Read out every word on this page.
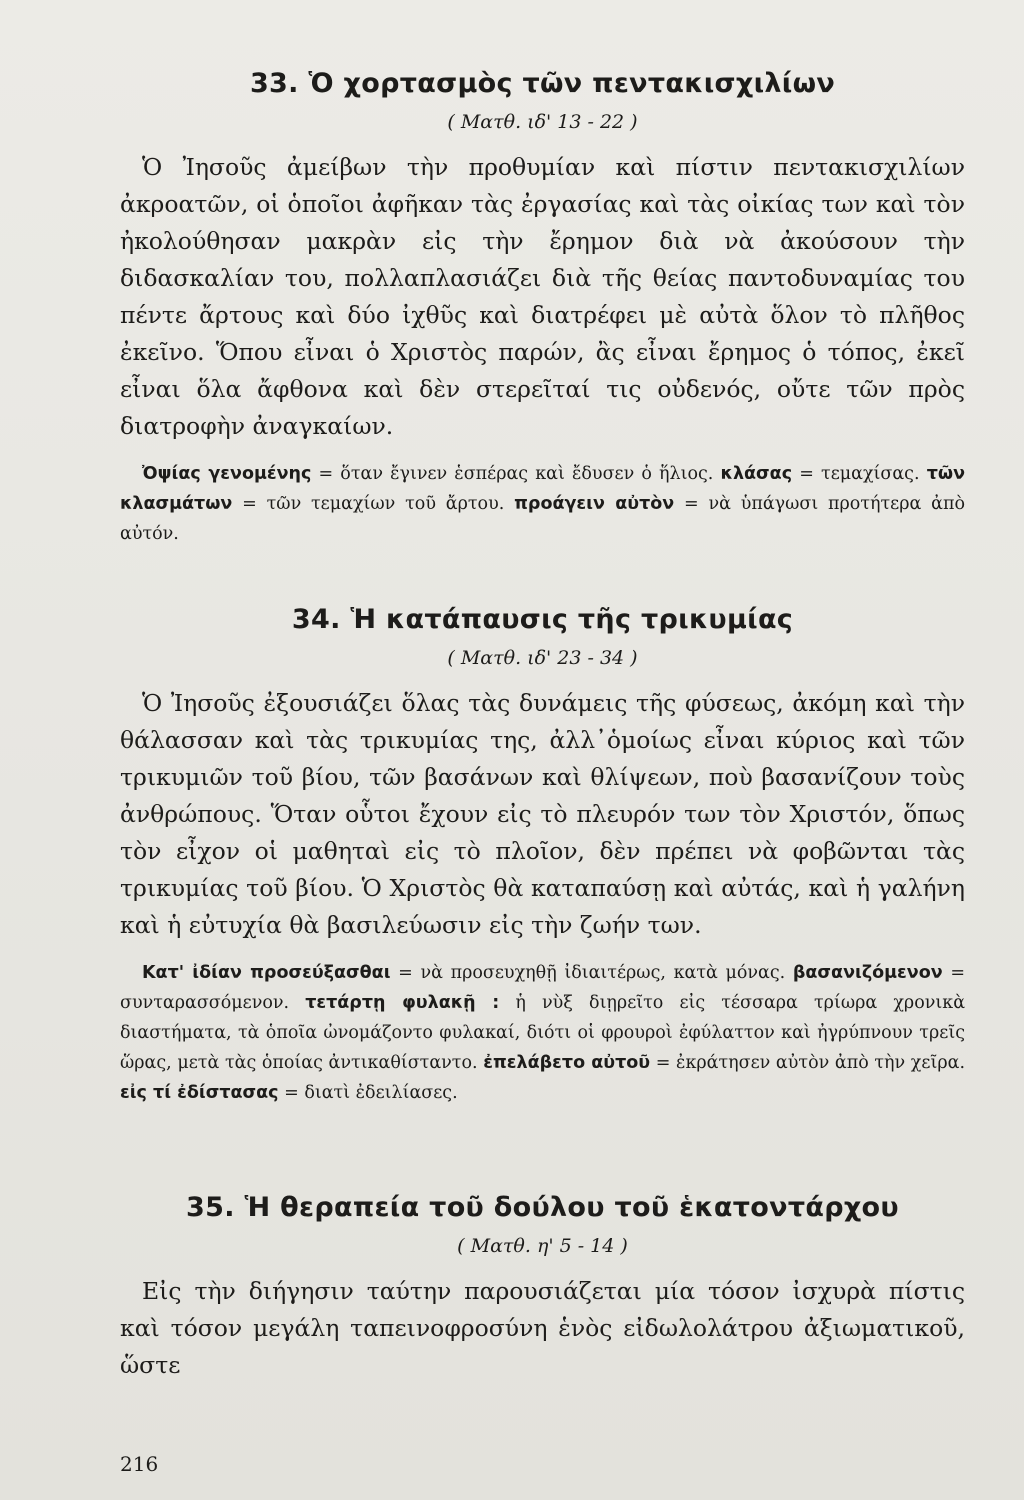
33. Ὁ χορτασμὸς τῶν πεντακισχιλίων
( Ματθ. ιδ' 13 - 22 )

Ὁ Ἰησοῦς ἀμείβων τὴν προθυμίαν καὶ πίστιν πεντακισχιλίων ἀκροατῶν, οἱ ὁποῖοι ἀφῆκαν τὰς ἐργασίας καὶ τὰς οἰκίας των καὶ τὸν ἠκολούθησαν μακρὰν εἰς τὴν ἔρημον διὰ νὰ ἀκούσουν τὴν διδασκαλίαν του, πολλαπλασιάζει διὰ τῆς θείας παντοδυναμίας του πέντε ἄρτους καὶ δύο ἰχθῦς καὶ διατρέφει μὲ αὐτὰ ὅλον τὸ πλῆθος ἐκεῖνο. Ὅπου εἶναι ὁ Χριστὸς παρών, ἂς εἶναι ἔρημος ὁ τόπος, ἐκεῖ εἶναι ὅλα ἄφθονα καὶ δὲν στερεῖταί τις οὐδενός, οὔτε τῶν πρὸς διατροφὴν ἀναγκαίων.

Ὀψίας γενομένης = ὅταν ἔγινεν ἑσπέρας καὶ ἔδυσεν ὁ ἥλιος. κλάσας = τεμαχίσας. τῶν κλασμάτων = τῶν τεμαχίων τοῦ ἄρτου. προάγειν αὐτὸν = νὰ ὑπάγωσι προτήτερα ἀπὸ αὐτόν.

34. Ἡ κατάπαυσις τῆς τρικυμίας
( Ματθ. ιδ' 23 - 34 )

Ὁ Ἰησοῦς ἐξουσιάζει ὅλας τὰς δυνάμεις τῆς φύσεως, ἀκόμη καὶ τὴν θάλασσαν καὶ τὰς τρικυμίας της, ἀλλ᾿ὁμοίως εἶναι κύριος καὶ τῶν τρικυμιῶν τοῦ βίου, τῶν βασάνων καὶ θλίψεων, ποὺ βασανίζουν τοὺς ἀνθρώπους. Ὅταν οὗτοι ἔχουν εἰς τὸ πλευρόν των τὸν Χριστόν, ὅπως τὸν εἶχον οἱ μαθηταὶ εἰς τὸ πλοῖον, δὲν πρέπει νὰ φοβῶνται τὰς τρικυμίας τοῦ βίου. Ὁ Χριστὸς θὰ καταπαύσῃ καὶ αὐτάς, καὶ ἡ γαλήνη καὶ ἡ εὐτυχία θὰ βασιλεύωσιν εἰς τὴν ζωήν των.

Κατ' ἰδίαν προσεύξασθαι = νὰ προσευχηθῇ ἰδιαιτέρως, κατὰ μόνας. βασανιζόμενον = συνταρασσόμενον. τετάρτῃ φυλακῇ : ἡ νὺξ διῃρεῖτο εἰς τέσσαρα τρίωρα χρονικὰ διαστήματα, τὰ ὁποῖα ὠνομάζοντο φυλακαί, διότι οἱ φρουροὶ ἐφύλαττον καὶ ἠγρύπνουν τρεῖς ὥρας, μετὰ τὰς ὁποίας ἀντικαθίσταντο. ἐπελάβετο αὐτοῦ = ἐκράτησεν αὐτὸν ἀπὸ τὴν χεῖρα. εἰς τί ἐδίστασας = διατὶ ἐδειλίασες.

35. Ἡ θεραπεία τοῦ δούλου τοῦ ἑκατοντάρχου
( Ματθ. η' 5 - 14 )

Εἰς τὴν διήγησιν ταύτην παρουσιάζεται μία τόσον ἰσχυρὰ πίστις καὶ τόσον μεγάλη ταπεινοφροσύνη ἑνὸς εἰδωλολάτρου ἀξιωματικοῦ, ὥστε

216
